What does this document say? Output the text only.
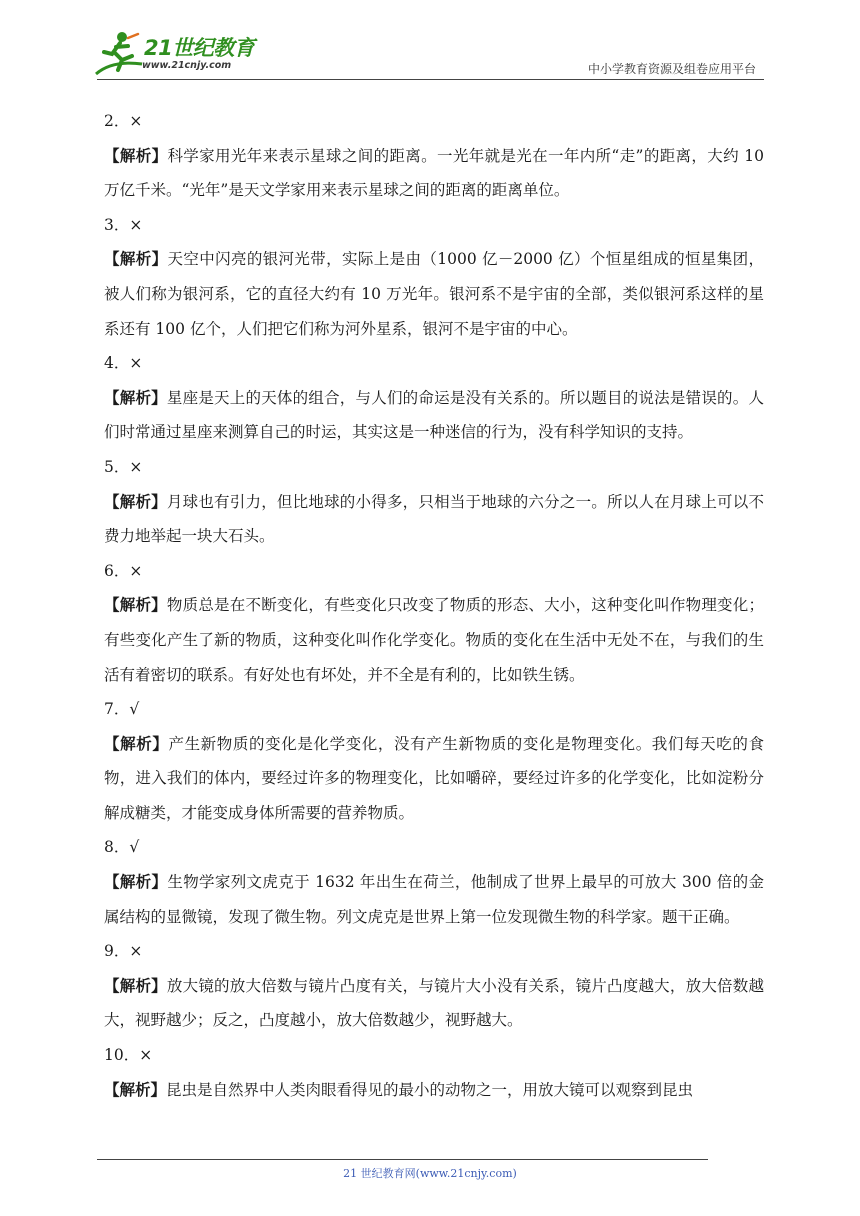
21世纪教育
www.21cnjy.com	中小学教育资源及组卷应用平台

2．×

【解析】科学家用光年来表示星球之间的距离。一光年就是光在一年内所“走”的距离，大约 10 万亿千米。“光年”是天文学家用来表示星球之间的距离的距离单位。

3．×

【解析】天空中闪亮的银河光带，实际上是由（1000 亿－2000 亿）个恒星组成的恒星集团，被人们称为银河系，它的直径大约有 10 万光年。银河系不是宇宙的全部，类似银河系这样的星系还有 100 亿个，人们把它们称为河外星系，银河不是宇宙的中心。

4．×

【解析】星座是天上的天体的组合，与人们的命运是没有关系的。所以题目的说法是错误的。人们时常通过星座来测算自己的时运，其实这是一种迷信的行为，没有科学知识的支持。

5．×

【解析】月球也有引力，但比地球的小得多，只相当于地球的六分之一。所以人在月球上可以不费力地举起一块大石头。

6．×

【解析】物质总是在不断变化，有些变化只改变了物质的形态、大小，这种变化叫作物理变化；有些变化产生了新的物质，这种变化叫作化学变化。物质的变化在生活中无处不在，与我们的生活有着密切的联系。有好处也有坏处，并不全是有利的，比如铁生锈。

7．√

【解析】产生新物质的变化是化学变化，没有产生新物质的变化是物理变化。我们每天吃的食物，进入我们的体内，要经过许多的物理变化，比如嚼碎，要经过许多的化学变化，比如淀粉分解成糖类，才能变成身体所需要的营养物质。

8．√

【解析】生物学家列文虎克于 1632 年出生在荷兰，他制成了世界上最早的可放大 300 倍的金属结构的显微镜，发现了微生物。列文虎克是世界上第一位发现微生物的科学家。题干正确。

9．×

【解析】放大镜的放大倍数与镜片凸度有关，与镜片大小没有关系，镜片凸度越大，放大倍数越大，视野越少；反之，凸度越小，放大倍数越少，视野越大。

10．×

【解析】昆虫是自然界中人类肉眼看得见的最小的动物之一，用放大镜可以观察到昆虫

21 世纪教育网(www.21cnjy.com)
